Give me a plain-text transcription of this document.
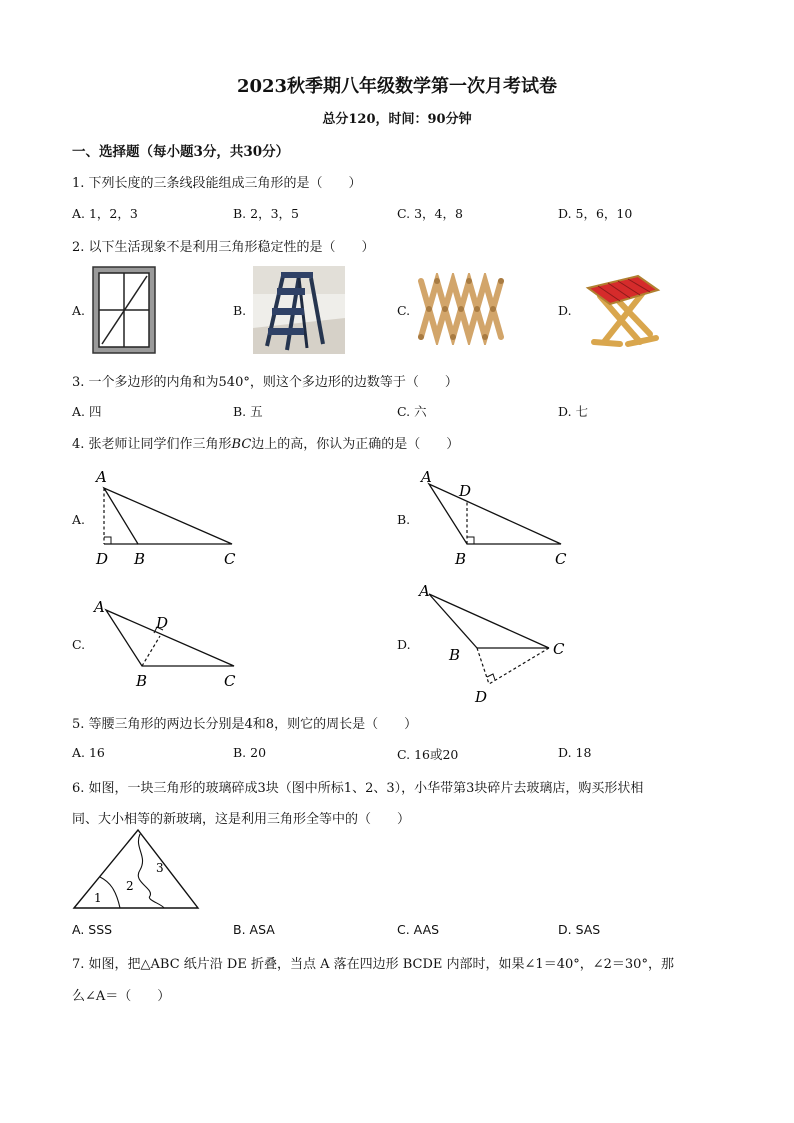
2023秋季期八年级数学第一次月考试卷
总分120，时间：90分钟
一、选择题（每小题3分，共30分）
1. 下列长度的三条线段能组成三角形的是（　　）
A. 1，2，3	B. 2，3，5	C. 3，4，8	D. 5，6，10
2. 以下生活现象不是利用三角形稳定性的是（　　）
A.	B.	C.	D.
3. 一个多边形的内角和为540°，则这个多边形的边数等于（　　）
A. 四	B. 五	C. 六	D. 七
4. 张老师让同学们作三角形BC边上的高，你认为正确的是（　　）
A.	B.
C.	D.
A
D B	C
A
D
B	C
A
D
B	C
A
B	C
D
5. 等腰三角形的两边长分别是4和8，则它的周长是（　　）
A. 16	B. 20	C. 16或20	D. 18
6. 如图，一块三角形的玻璃碎成3块（图中所标1、2、3），小华带第3块碎片去玻璃店，购买形状相
同、大小相等的新玻璃，这是利用三角形全等中的（　　）
1
2
3
A. SSS	B. ASA	C. AAS	D. SAS
7. 如图，把△ABC 纸片沿 DE 折叠，当点 A 落在四边形 BCDE 内部时，如果∠1＝40°，∠2＝30°，那
么∠A＝（　　）
